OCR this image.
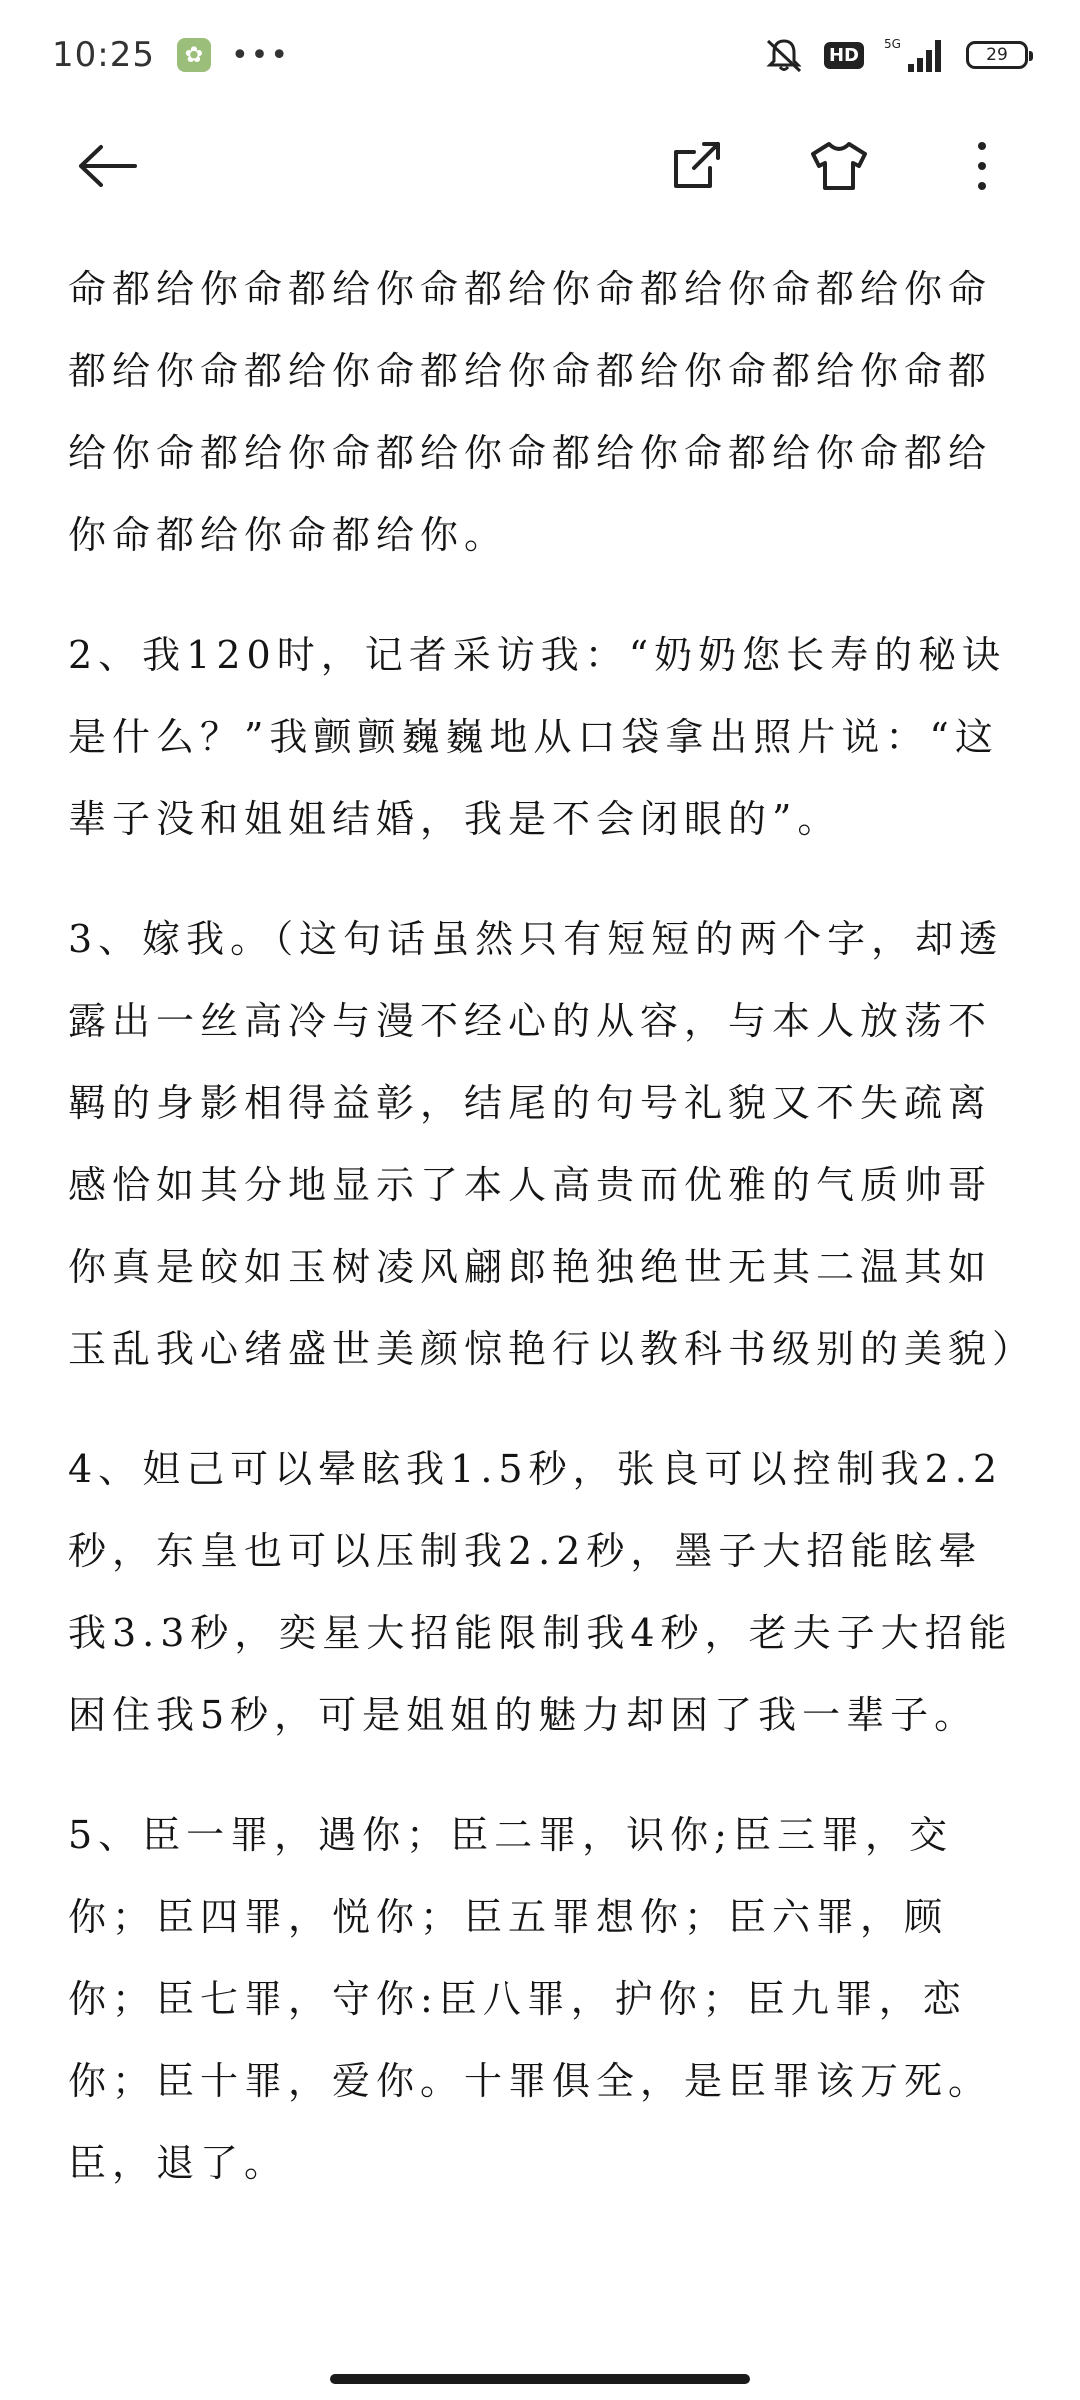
10:25	✿ •••	HD
5G
29

命都给你命都给你命都给你命都给你命都给你命都给你命都给你命都给你命都给你命都给你命都给你命都给你命都给你命都给你命都给你命都给你命都给你命都给你。

2、我120时，记者采访我：“奶奶您长寿的秘诀是什么？”我颤颤巍巍地从口袋拿出照片说：“这辈子没和姐姐结婚，我是不会闭眼的”。

3、嫁我。（这句话虽然只有短短的两个字，却透露出一丝高冷与漫不经心的从容，与本人放荡不羁的身影相得益彰，结尾的句号礼貌又不失疏离感恰如其分地显示了本人高贵而优雅的气质帅哥你真是皎如玉树凌风翩郎艳独绝世无其二温其如玉乱我心绪盛世美颜惊艳行以教科书级别的美貌）

4、妲己可以晕眩我1.5秒，张良可以控制我2.2秒，东皇也可以压制我2.2秒，墨子大招能眩晕我3.3秒，奕星大招能限制我4秒，老夫子大招能困住我5秒，可是姐姐的魅力却困了我一辈子。

5、臣一罪，遇你；臣二罪，识你;臣三罪，交你；臣四罪，悦你；臣五罪想你；臣六罪，顾你；臣七罪，守你:臣八罪，护你；臣九罪，恋你；臣十罪，爱你。十罪俱全，是臣罪该万死。臣，退了。
